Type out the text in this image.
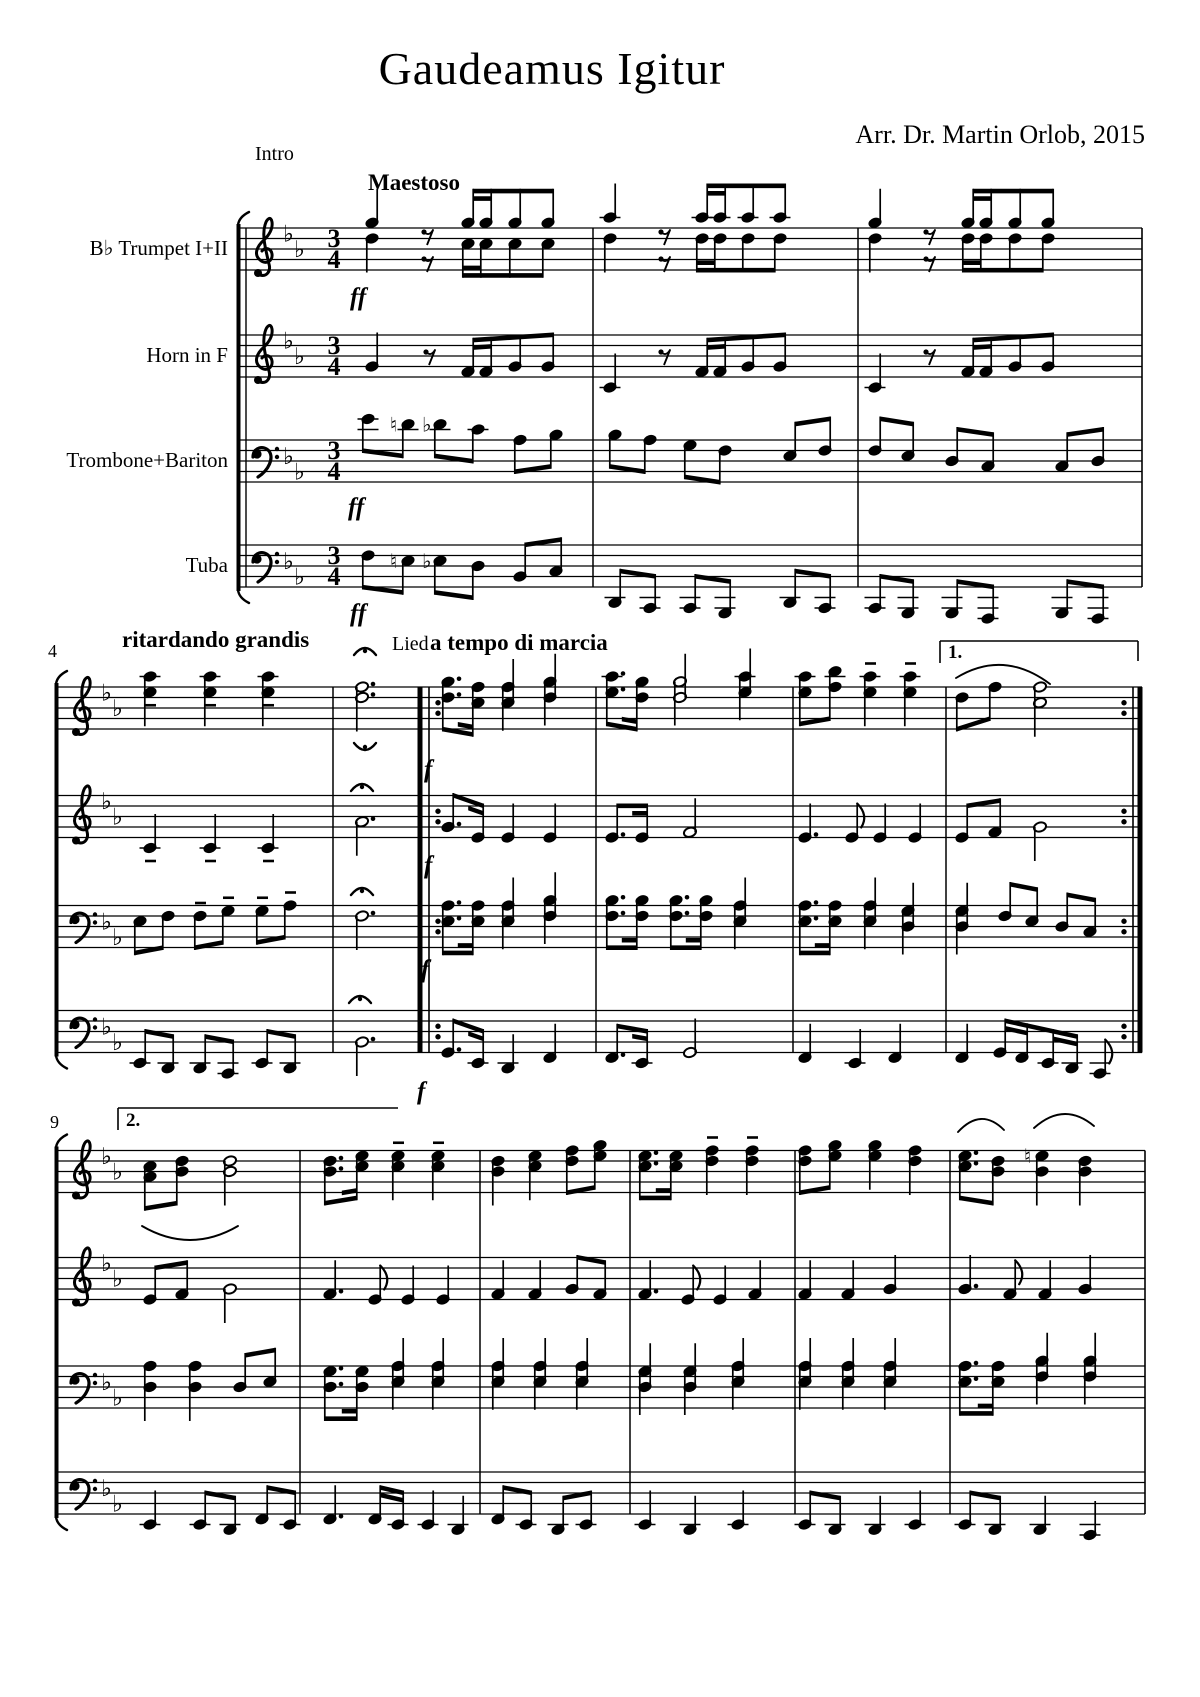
♭
♭ 3
4
♭
♭ 3
4
♭
♭
3
4
♭
♭
3
4
♮ ♭
♮ ♭
♭
♭
♭
♭
♭
♭
♭
♭
♭
♭
♭
♭
♭
♭
♭
♭
♮
Gaudeamus Igitur
Arr. Dr. Martin Orlob, 2015
Intro
Maestoso
ritardando grandis	Lied a tempo di marcia
4
9
1.
2.
B♭ Trumpet I+II
Horn in F
Trombone+Bariton
Tuba
ff
ff
ff
f
f
f
f
